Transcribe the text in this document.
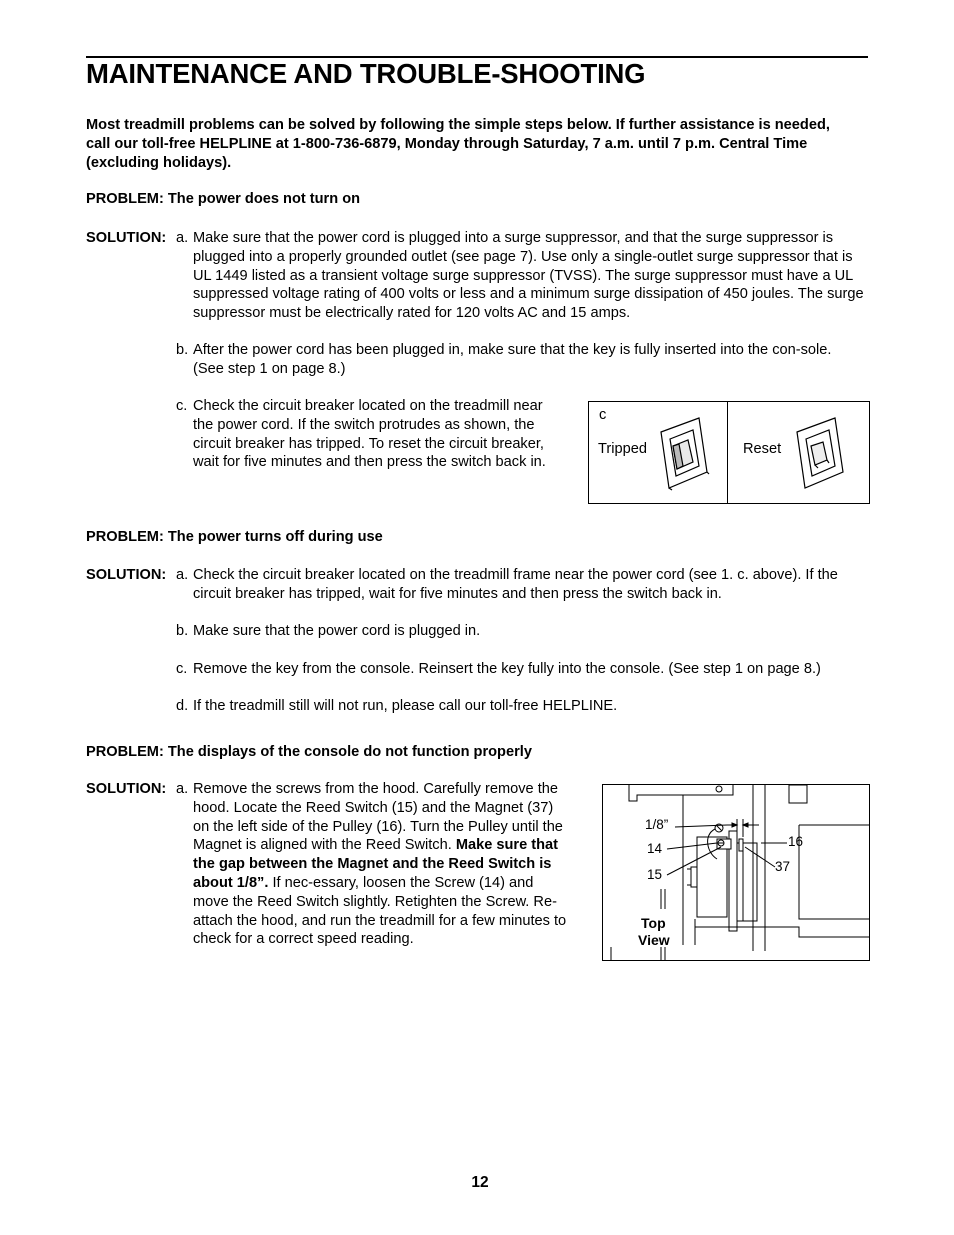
MAINTENANCE AND TROUBLE-SHOOTING

Most treadmill problems can be solved by following the simple steps below. If further assistance is needed, call our toll-free HELPLINE at 1-800-736-6879, Monday through Saturday, 7 a.m. until 7 p.m. Central Time (excluding holidays).

PROBLEM: The power does not turn on

SOLUTION: a. Make sure that the power cord is plugged into a surge suppressor, and that the surge suppressor is plugged into a properly grounded outlet (see page 7). Use only a single-outlet surge suppressor that is UL 1449 listed as a transient voltage surge suppressor (TVSS). The surge suppressor must have a UL suppressed voltage rating of 400 volts or less and a minimum surge dissipation of 450 joules. The surge suppressor must be electrically rated for 120 volts AC and 15 amps.
b. After the power cord has been plugged in, make sure that the key is fully inserted into the con-sole. (See step 1 on page 8.)
c. Check the circuit breaker located on the treadmill near the power cord. If the switch protrudes as shown, the circuit breaker has tripped. To reset the circuit breaker, wait for five minutes and then press the switch back in.
c
Tripped	Reset

PROBLEM: The power turns off during use

SOLUTION: a. Check the circuit breaker located on the treadmill frame near the power cord (see 1. c. above). If the circuit breaker has tripped, wait for five minutes and then press the switch back in.
b. Make sure that the power cord is plugged in.
c. Remove the key from the console. Reinsert the key fully into the console. (See step 1 on page 8.)
d. If the treadmill still will not run, please call our toll-free HELPLINE.

PROBLEM: The displays of the console do not function properly

SOLUTION: a. Remove the screws from the hood. Carefully remove the hood. Locate the Reed Switch (15) and the Magnet (37) on the left side of the Pulley (16). Turn the Pulley until the Magnet is aligned with the Reed Switch. Make sure that the gap between the Magnet and the Reed Switch is about 1/8”. If nec-essary, loosen the Screw (14) and move the Reed Switch slightly. Retighten the Screw. Re-attach the hood, and run the treadmill for a few minutes to check for a correct speed reading.
1/8”
14
15
16
37
Top
View
12
